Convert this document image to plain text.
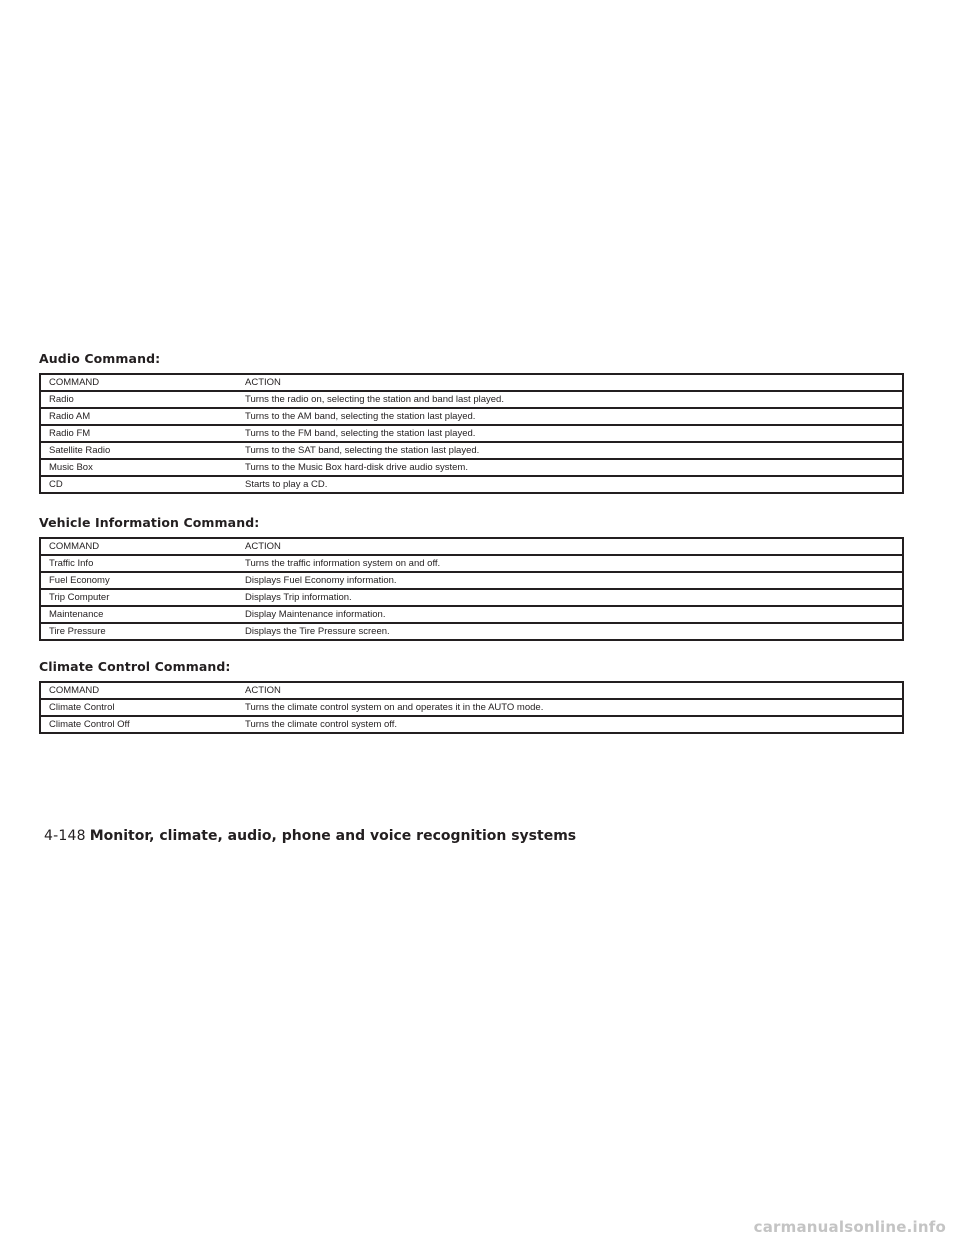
Audio Command:
COMMAND	ACTION
Radio	Turns the radio on, selecting the station and band last played.
Radio AM	Turns to the AM band, selecting the station last played.
Radio FM	Turns to the FM band, selecting the station last played.
Satellite Radio	Turns to the SAT band, selecting the station last played.
Music Box	Turns to the Music Box hard-disk drive audio system.
CD	Starts to play a CD.
Vehicle Information Command:
COMMAND	ACTION
Traffic Info	Turns the traffic information system on and off.
Fuel Economy	Displays Fuel Economy information.
Trip Computer	Displays Trip information.
Maintenance	Display Maintenance information.
Tire Pressure	Displays the Tire Pressure screen.
Climate Control Command:
COMMAND	ACTION
Climate Control	Turns the climate control system on and operates it in the AUTO mode.
Climate Control Off	Turns the climate control system off.
4-148 Monitor, climate, audio, phone and voice recognition systems
carmanualsonline.info
